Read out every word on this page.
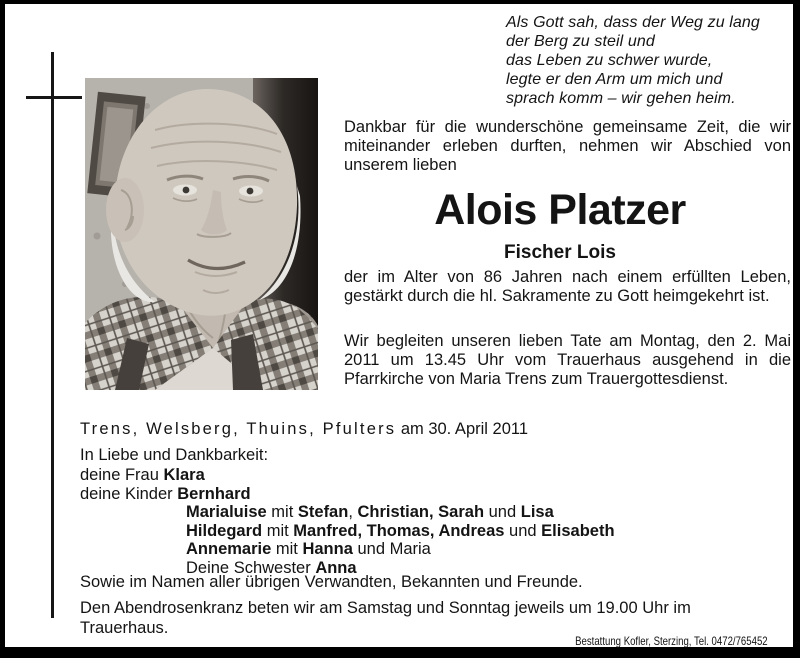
Als Gott sah, dass der Weg zu lang
der Berg zu steil und
das Leben zu schwer wurde,
legte er den Arm um mich und
sprach komm – wir gehen heim.

Dankbar für die wunderschöne gemeinsame Zeit, die wir miteinander erleben durften, nehmen wir Abschied von unserem lieben

Alois Platzer
Fischer Lois

der im Alter von 86 Jahren nach einem erfüllten Leben, gestärkt durch die hl. Sakramente zu Gott heimgekehrt ist.

Wir begleiten unseren lieben Tate am Montag, den 2. Mai 2011 um 13.45 Uhr vom Trauerhaus ausgehend in die Pfarrkirche von Maria Trens zum Trauergottesdienst.

Trens, Welsberg, Thuins, Pfulters am 30. April 2011
In Liebe und Dankbarkeit:
deine Frau Klara
deine Kinder Bernhard
Marialuise mit Stefan, Christian, Sarah und Lisa
Hildegard mit Manfred, Thomas, Andreas und Elisabeth
Annemarie mit Hanna und Maria
Deine Schwester Anna
Sowie im Namen aller übrigen Verwandten, Bekannten und Freunde.

Den Abendrosenkranz beten wir am Samstag und Sonntag jeweils um 19.00 Uhr im Trauerhaus.

Bestattung Kofler, Sterzing, Tel. 0472/765452
